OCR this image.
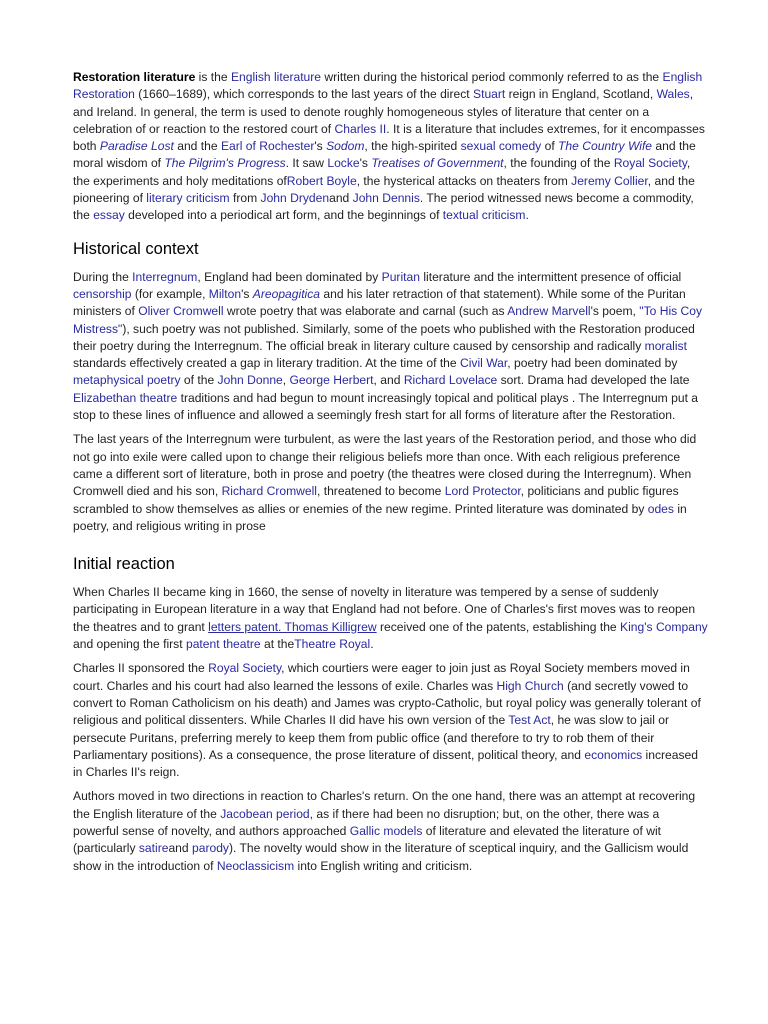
Restoration literature is the English literature written during the historical period commonly referred to as the English Restoration (1660–1689), which corresponds to the last years of the direct Stuart reign in England, Scotland, Wales, and Ireland. In general, the term is used to denote roughly homogeneous styles of literature that center on a celebration of or reaction to the restored court of Charles II. It is a literature that includes extremes, for it encompasses both Paradise Lost and the Earl of Rochester's Sodom, the high-spirited sexual comedy of The Country Wife and the moral wisdom of The Pilgrim's Progress. It saw Locke's Treatises of Government, the founding of the Royal Society, the experiments and holy meditations ofRobert Boyle, the hysterical attacks on theaters from Jeremy Collier, and the pioneering of literary criticism from John Drydenand John Dennis. The period witnessed news become a commodity, the essay developed into a periodical art form, and the beginnings of textual criticism.

Historical context

During the Interregnum, England had been dominated by Puritan literature and the intermittent presence of official censorship (for example, Milton's Areopagitica and his later retraction of that statement). While some of the Puritan ministers of Oliver Cromwell wrote poetry that was elaborate and carnal (such as Andrew Marvell's poem, "To His Coy Mistress"), such poetry was not published. Similarly, some of the poets who published with the Restoration produced their poetry during the Interregnum. The official break in literary culture caused by censorship and radically moralist standards effectively created a gap in literary tradition. At the time of the Civil War, poetry had been dominated by metaphysical poetry of the John Donne, George Herbert, and Richard Lovelace sort. Drama had developed the late Elizabethan theatre traditions and had begun to mount increasingly topical and political plays . The Interregnum put a stop to these lines of influence and allowed a seemingly fresh start for all forms of literature after the Restoration.

The last years of the Interregnum were turbulent, as were the last years of the Restoration period, and those who did not go into exile were called upon to change their religious beliefs more than once. With each religious preference came a different sort of literature, both in prose and poetry (the theatres were closed during the Interregnum). When Cromwell died and his son, Richard Cromwell, threatened to become Lord Protector, politicians and public figures scrambled to show themselves as allies or enemies of the new regime. Printed literature was dominated by odes in poetry, and religious writing in prose

Initial reaction

When Charles II became king in 1660, the sense of novelty in literature was tempered by a sense of suddenly participating in European literature in a way that England had not before. One of Charles's first moves was to reopen the theatres and to grant letters patent. Thomas Killigrew received one of the patents, establishing the King's Company and opening the first patent theatre at theTheatre Royal.

Charles II sponsored the Royal Society, which courtiers were eager to join just as Royal Society members moved in court. Charles and his court had also learned the lessons of exile. Charles was High Church (and secretly vowed to convert to Roman Catholicism on his death) and James was crypto-Catholic, but royal policy was generally tolerant of religious and political dissenters. While Charles II did have his own version of the Test Act, he was slow to jail or persecute Puritans, preferring merely to keep them from public office (and therefore to try to rob them of their Parliamentary positions). As a consequence, the prose literature of dissent, political theory, and economics increased in Charles II's reign.

Authors moved in two directions in reaction to Charles's return. On the one hand, there was an attempt at recovering the English literature of the Jacobean period, as if there had been no disruption; but, on the other, there was a powerful sense of novelty, and authors approached Gallic models of literature and elevated the literature of wit (particularly satireand parody). The novelty would show in the literature of sceptical inquiry, and the Gallicism would show in the introduction of Neoclassicism into English writing and criticism.
